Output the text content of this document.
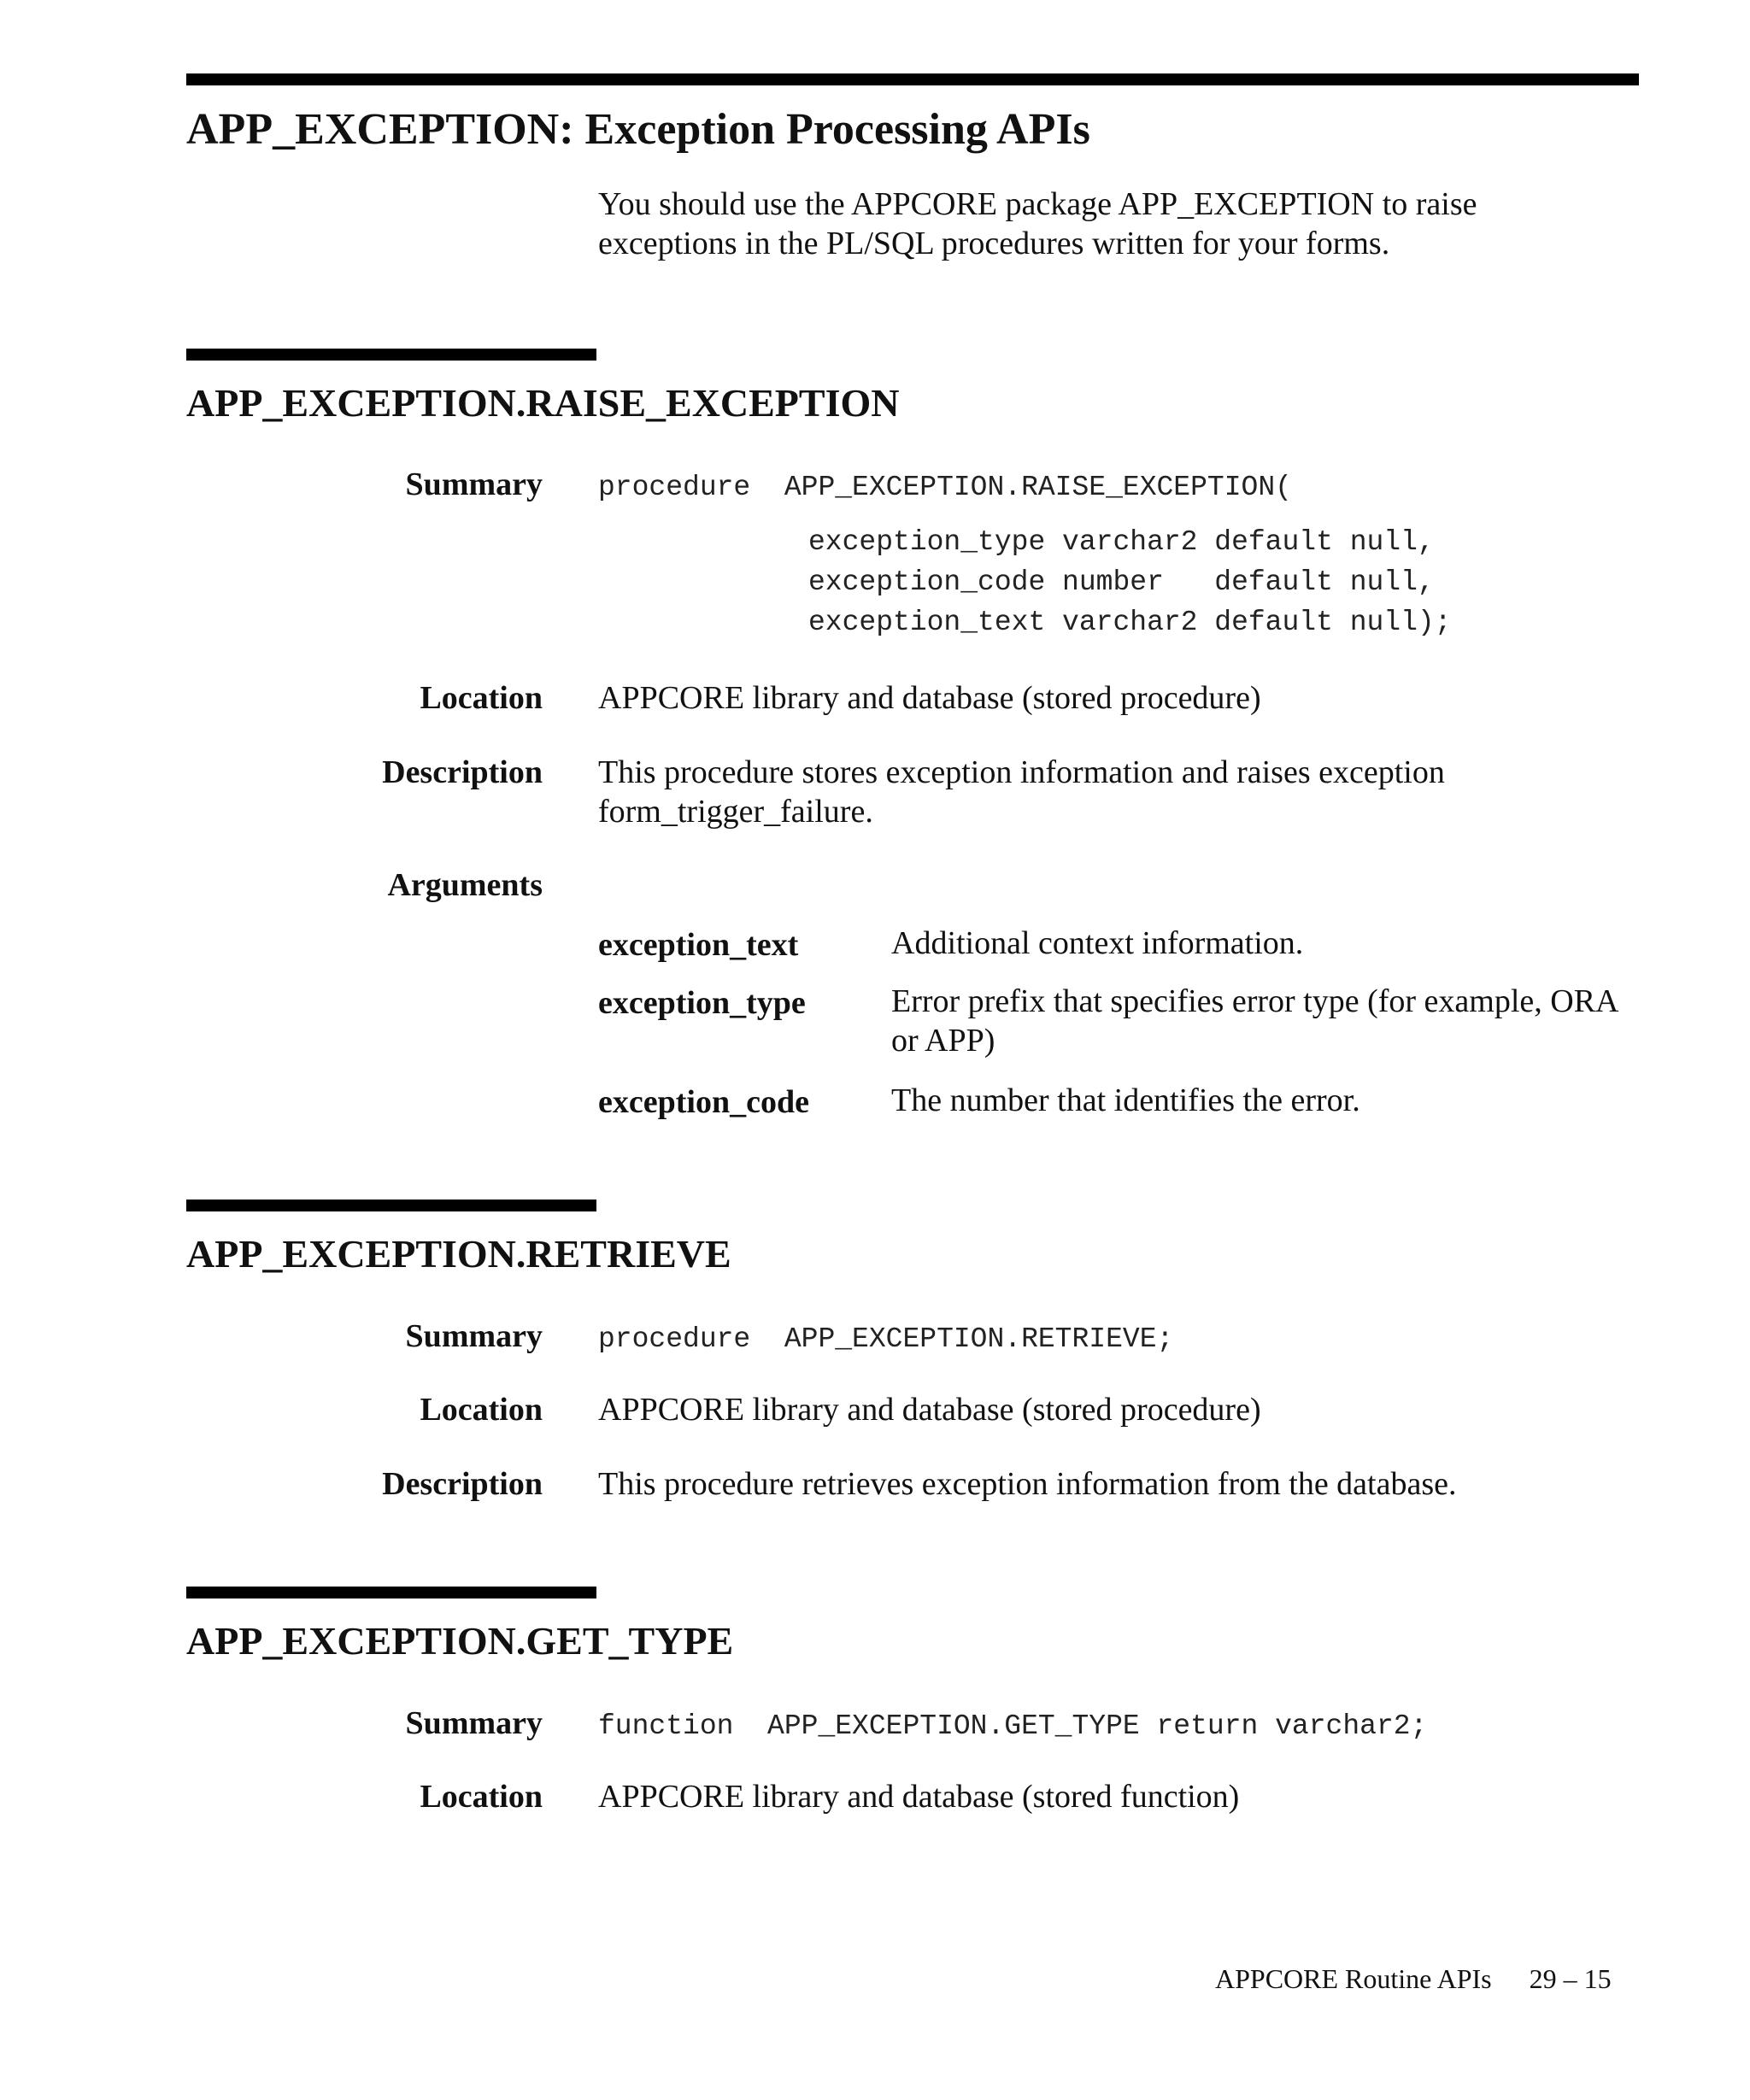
APP_EXCEPTION: Exception Processing APIs

You should use the APPCORE package APP_EXCEPTION to raise exceptions in the PL/SQL procedures written for your forms.

APP_EXCEPTION.RAISE_EXCEPTION
Summary procedure  APP_EXCEPTION.RAISE_EXCEPTION(
exception_type varchar2 default null,
exception_code number   default null,
exception_text varchar2 default null);
Location APPCORE library and database (stored procedure)
Description This procedure stores exception information and raises exception form_trigger_failure.
Arguments
exception_text	Additional context information.
exception_type	Error prefix that specifies error type (for example, ORA or APP)
exception_code	The number that identifies the error.
APP_EXCEPTION.RETRIEVE
Summary procedure  APP_EXCEPTION.RETRIEVE;
Location APPCORE library and database (stored procedure)
Description This procedure retrieves exception information from the database.
APP_EXCEPTION.GET_TYPE
Summary function  APP_EXCEPTION.GET_TYPE return varchar2;
Location APPCORE library and database (stored function)
APPCORE Routine APIs 29 – 15
